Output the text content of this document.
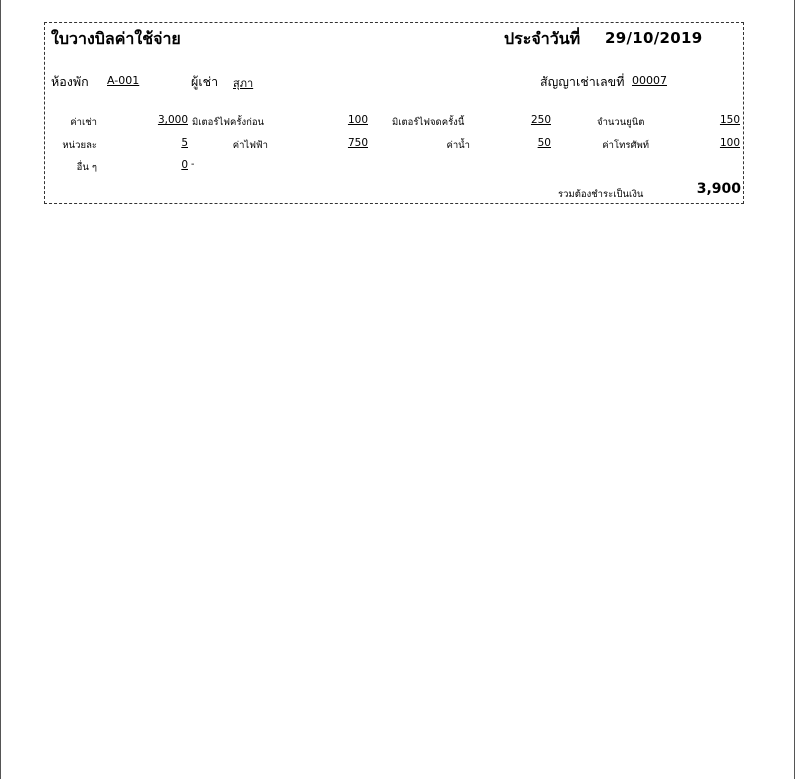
ใบวางบิลค่าใช้จ่าย	ประจำวันที่ 29/10/2019
ห้องพัก A-001	ผู้เช่า สุภา	สัญญาเช่าเลขที่ 00007
ค่าเช่า	3,000 มิเตอร์ไฟครั้งก่อน	100	มิเตอร์ไฟจดครั้งนี้	250	จำนวนยูนิต	150
หน่วยละ	5	ค่าไฟฟ้า	750	ค่าน้ำ	50	ค่าโทรศัพท์	100
อื่น ๆ	0 -
รวมต้องชำระเป็นเงิน	3,900
